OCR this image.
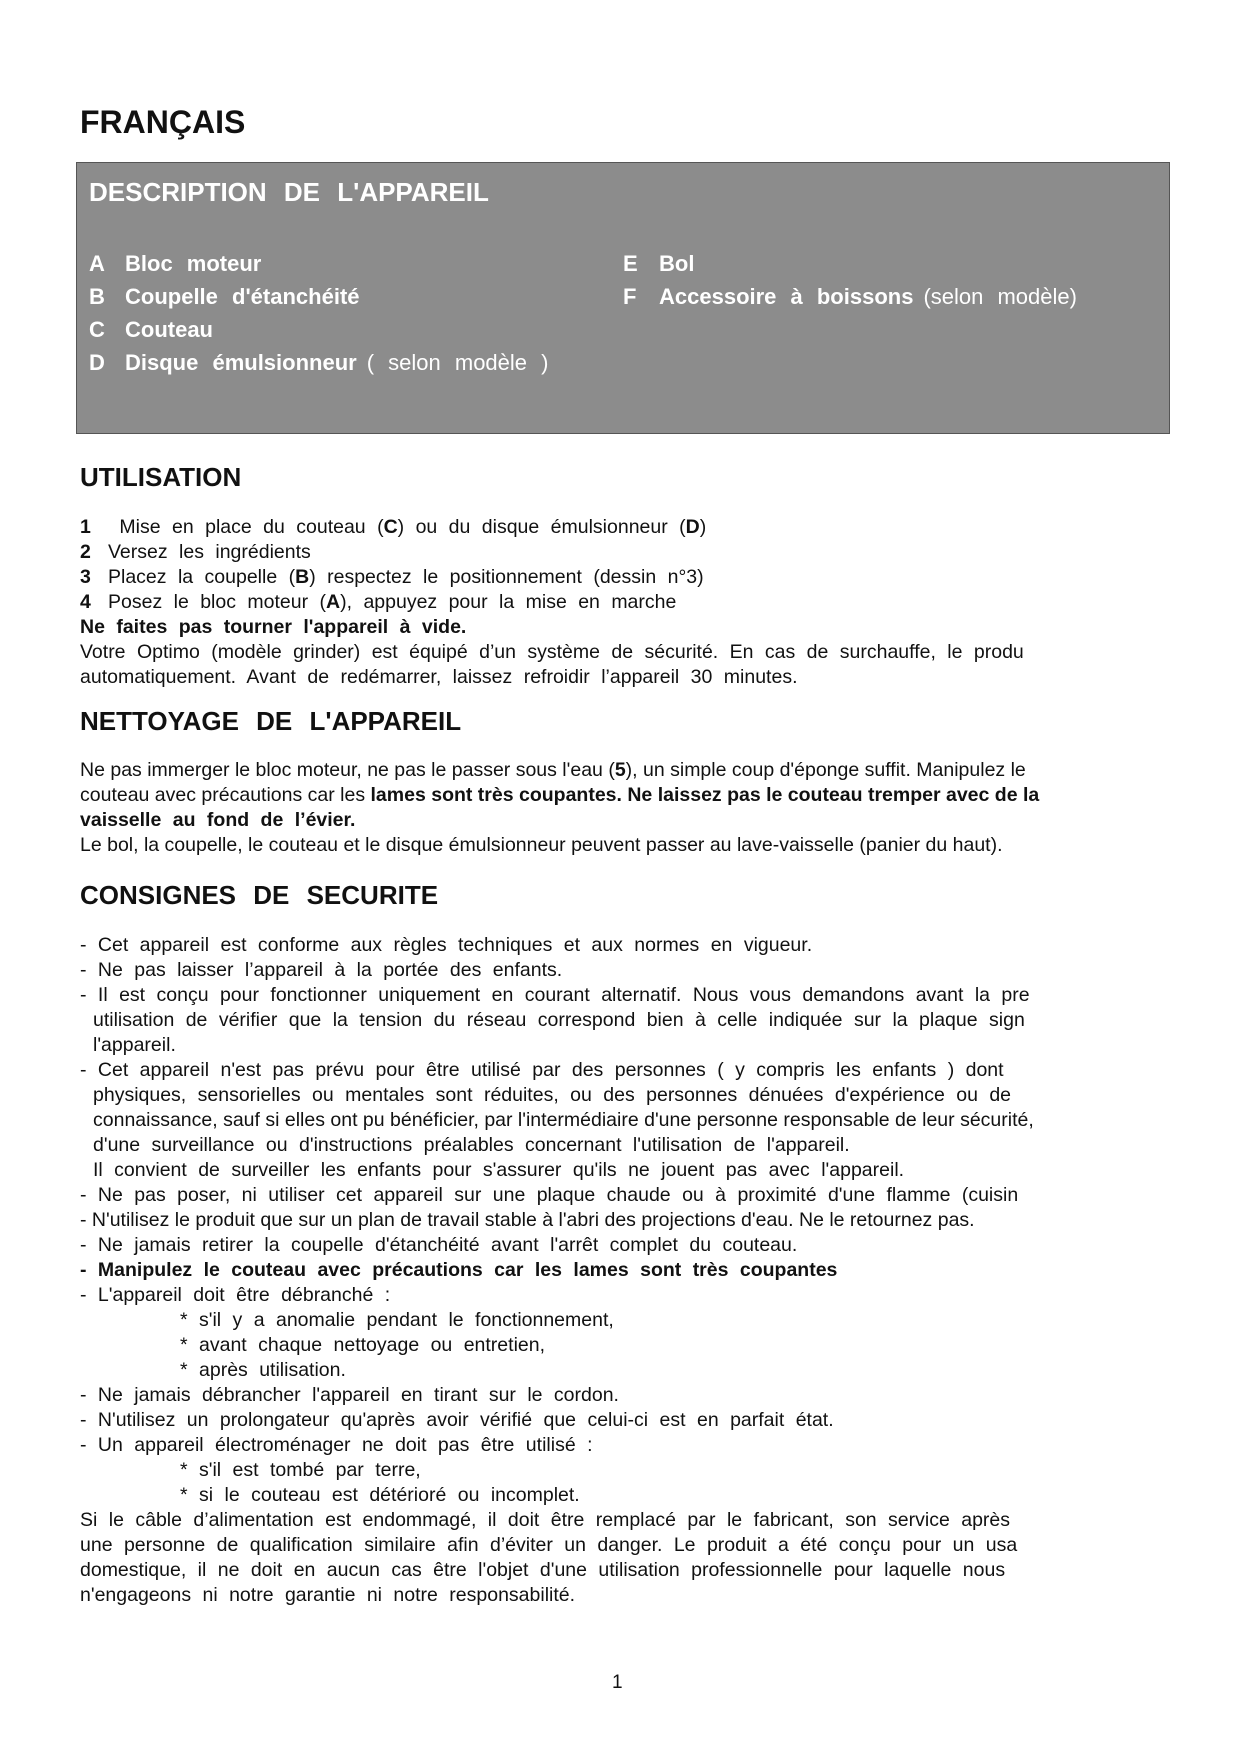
FRANÇAIS
DESCRIPTION DE L'APPAREIL
A Bloc moteur
B Coupelle d'étanchéité
C Couteau
D Disque émulsionneur ( selon modèle )
E Bol
F Accessoire à boissons (selon modèle)
UTILISATION
1 Mise en place du couteau (C) ou du disque émulsionneur (D)
2 Versez les ingrédients
3 Placez la coupelle (B) respectez le positionnement (dessin n°3)
4 Posez le bloc moteur (A), appuyez pour la mise en marche
Ne faites pas tourner l'appareil à vide.
Votre Optimo (modèle grinder) est équipé d’un système de sécurité. En cas de surchauffe, le produ
automatiquement. Avant de redémarrer, laissez refroidir l’appareil 30 minutes.
NETTOYAGE DE L'APPAREIL
Ne pas immerger le bloc moteur, ne pas le passer sous l'eau (5), un simple coup d'éponge suffit. Manipulez le
couteau avec précautions car les lames sont très coupantes. Ne laissez pas le couteau tremper avec de la
vaisselle au fond de l’évier.
Le bol, la coupelle, le couteau et le disque émulsionneur peuvent passer au lave-vaisselle (panier du haut).
CONSIGNES DE SECURITE
- Cet appareil est conforme aux règles techniques et aux normes en vigueur.
- Ne pas laisser l’appareil à la portée des enfants.
- Il est conçu pour fonctionner uniquement en courant alternatif. Nous vous demandons avant la pre
utilisation de vérifier que la tension du réseau correspond bien à celle indiquée sur la plaque sign
l'appareil.
- Cet appareil n'est pas prévu pour être utilisé par des personnes ( y compris les enfants ) dont
physiques, sensorielles ou mentales sont réduites, ou des personnes dénuées d'expérience ou de
connaissance, sauf si elles ont pu bénéficier, par l'intermédiaire d'une personne responsable de leur sécurité,
d'une surveillance ou d'instructions préalables concernant l'utilisation de l'appareil.
Il convient de surveiller les enfants pour s'assurer qu'ils ne jouent pas avec l'appareil.
- Ne pas poser, ni utiliser cet appareil sur une plaque chaude ou à proximité d'une flamme (cuisin
- N'utilisez le produit que sur un plan de travail stable à l'abri des projections d'eau. Ne le retournez pas.
- Ne jamais retirer la coupelle d'étanchéité avant l'arrêt complet du couteau.
- Manipulez le couteau avec précautions car les lames sont très coupantes
- L'appareil doit être débranché :
* s'il y a anomalie pendant le fonctionnement,
* avant chaque nettoyage ou entretien,
* après utilisation.
- Ne jamais débrancher l'appareil en tirant sur le cordon.
- N'utilisez un prolongateur qu'après avoir vérifié que celui-ci est en parfait état.
- Un appareil électroménager ne doit pas être utilisé :
* s'il est tombé par terre,
* si le couteau est détérioré ou incomplet.
Si le câble d’alimentation est endommagé, il doit être remplacé par le fabricant, son service après
une personne de qualification similaire afin d’éviter un danger. Le produit a été conçu pour un usa
domestique, il ne doit en aucun cas être l'objet d'une utilisation professionnelle pour laquelle nous
n'engageons ni notre garantie ni notre responsabilité.
1
